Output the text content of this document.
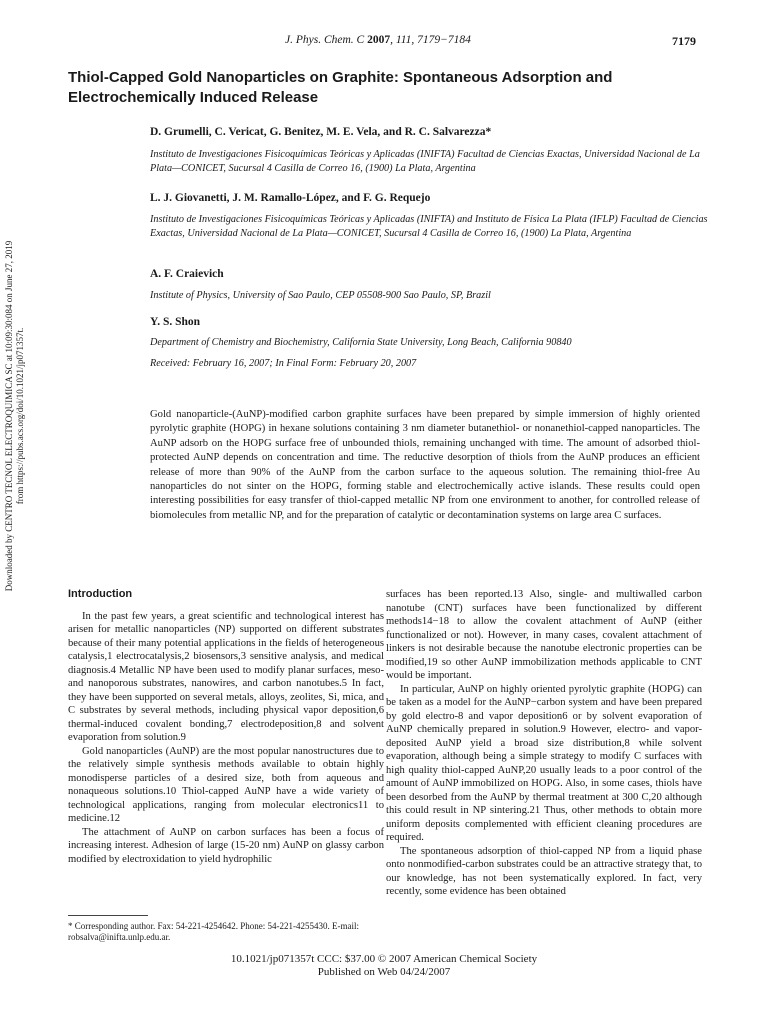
J. Phys. Chem. C 2007, 111, 7179−7184	7179
Thiol-Capped Gold Nanoparticles on Graphite: Spontaneous Adsorption and Electrochemically Induced Release
D. Grumelli, C. Vericat, G. Benitez, M. E. Vela, and R. C. Salvarezza*
Instituto de Investigaciones Fisicoquímicas Teóricas y Aplicadas (INIFTA) Facultad de Ciencias Exactas, Universidad Nacional de La Plata—CONICET, Sucursal 4 Casilla de Correo 16, (1900) La Plata, Argentina
L. J. Giovanetti, J. M. Ramallo-López, and F. G. Requejo
Instituto de Investigaciones Fisicoquímicas Teóricas y Aplicadas (INIFTA) and Instituto de Física La Plata (IFLP) Facultad de Ciencias Exactas, Universidad Nacional de La Plata—CONICET, Sucursal 4 Casilla de Correo 16, (1900) La Plata, Argentina
A. F. Craievich
Institute of Physics, University of Sao Paulo, CEP 05508-900 Sao Paulo, SP, Brazil
Y. S. Shon
Department of Chemistry and Biochemistry, California State University, Long Beach, California 90840
Received: February 16, 2007; In Final Form: February 20, 2007
Gold nanoparticle-(AuNP)-modified carbon graphite surfaces have been prepared by simple immersion of highly oriented pyrolytic graphite (HOPG) in hexane solutions containing 3 nm diameter butanethiol- or nonanethiol-capped nanoparticles. The AuNP adsorb on the HOPG surface free of unbounded thiols, remaining unchanged with time. The amount of adsorbed thiol-protected AuNP depends on concentration and time. The reductive desorption of thiols from the AuNP produces an efficient release of more than 90% of the AuNP from the carbon surface to the aqueous solution. The remaining thiol-free Au nanoparticles do not sinter on the HOPG, forming stable and electrochemically active islands. These results could open interesting possibilities for easy transfer of thiol-capped metallic NP from one environment to another, for controlled release of biomolecules from metallic NP, and for the preparation of catalytic or decontamination systems on large area C surfaces.
Downloaded by CENTRO TECNOL ELECTROQUIMICA SC at 10:09:30:084 on June 27, 2019 from https://pubs.acs.org/doi/10.1021/jp071357t.
Introduction

In the past few years, a great scientific and technological interest has arisen for metallic nanoparticles (NP) supported on different substrates because of their many potential applications in the fields of heterogeneous catalysis,1 electrocatalysis,2 biosensors,3 sensitive analysis, and medical diagnosis.4 Metallic NP have been used to modify planar surfaces, meso- and nanoporous substrates, nanowires, and carbon nanotubes.5 In fact, they have been supported on several metals, alloys, zeolites, Si, mica, and C substrates by several methods, including physical vapor deposition,6 thermal-induced covalent bonding,7 electrodeposition,8 and solvent evaporation from solution.9

Gold nanoparticles (AuNP) are the most popular nanostructures due to the relatively simple synthesis methods available to obtain highly monodisperse particles of a desired size, both from aqueous and nonaqueous solutions.10 Thiol-capped AuNP have a wide variety of technological applications, ranging from molecular electronics11 to medicine.12

The attachment of AuNP on carbon surfaces has been a focus of increasing interest. Adhesion of large (15-20 nm) AuNP on glassy carbon modified by electroxidation to yield hydrophilic

surfaces has been reported.13 Also, single- and multiwalled carbon nanotube (CNT) surfaces have been functionalized by different methods14−18 to allow the covalent attachment of AuNP (either functionalized or not). However, in many cases, covalent attachment of linkers is not desirable because the nanotube electronic properties can be modified,19 so other AuNP immobilization methods applicable to CNT would be important.

In particular, AuNP on highly oriented pyrolytic graphite (HOPG) can be taken as a model for the AuNP−carbon system and have been prepared by gold electro-8 and vapor deposition6 or by solvent evaporation of AuNP chemically prepared in solution.9 However, electro- and vapor-deposited AuNP yield a broad size distribution,8 while solvent evaporation, although being a simple strategy to modify C surfaces with high quality thiol-capped AuNP,20 usually leads to a poor control of the amount of AuNP immobilized on HOPG. Also, in some cases, thiols have been desorbed from the AuNP by thermal treatment at 300 C,20 although this could result in NP sintering.21 Thus, other methods to obtain more uniform deposits complemented with efficient cleaning procedures are required.

The spontaneous adsorption of thiol-capped NP from a liquid phase onto nonmodified-carbon substrates could be an attractive strategy that, to our knowledge, has not been systematically explored. In fact, very recently, some evidence has been obtained

* Corresponding author. Fax: 54-221-4254642. Phone: 54-221-4255430. E-mail: robsalva@inifta.unlp.edu.ar.
10.1021/jp071357t CCC: $37.00 © 2007 American Chemical Society
Published on Web 04/24/2007
